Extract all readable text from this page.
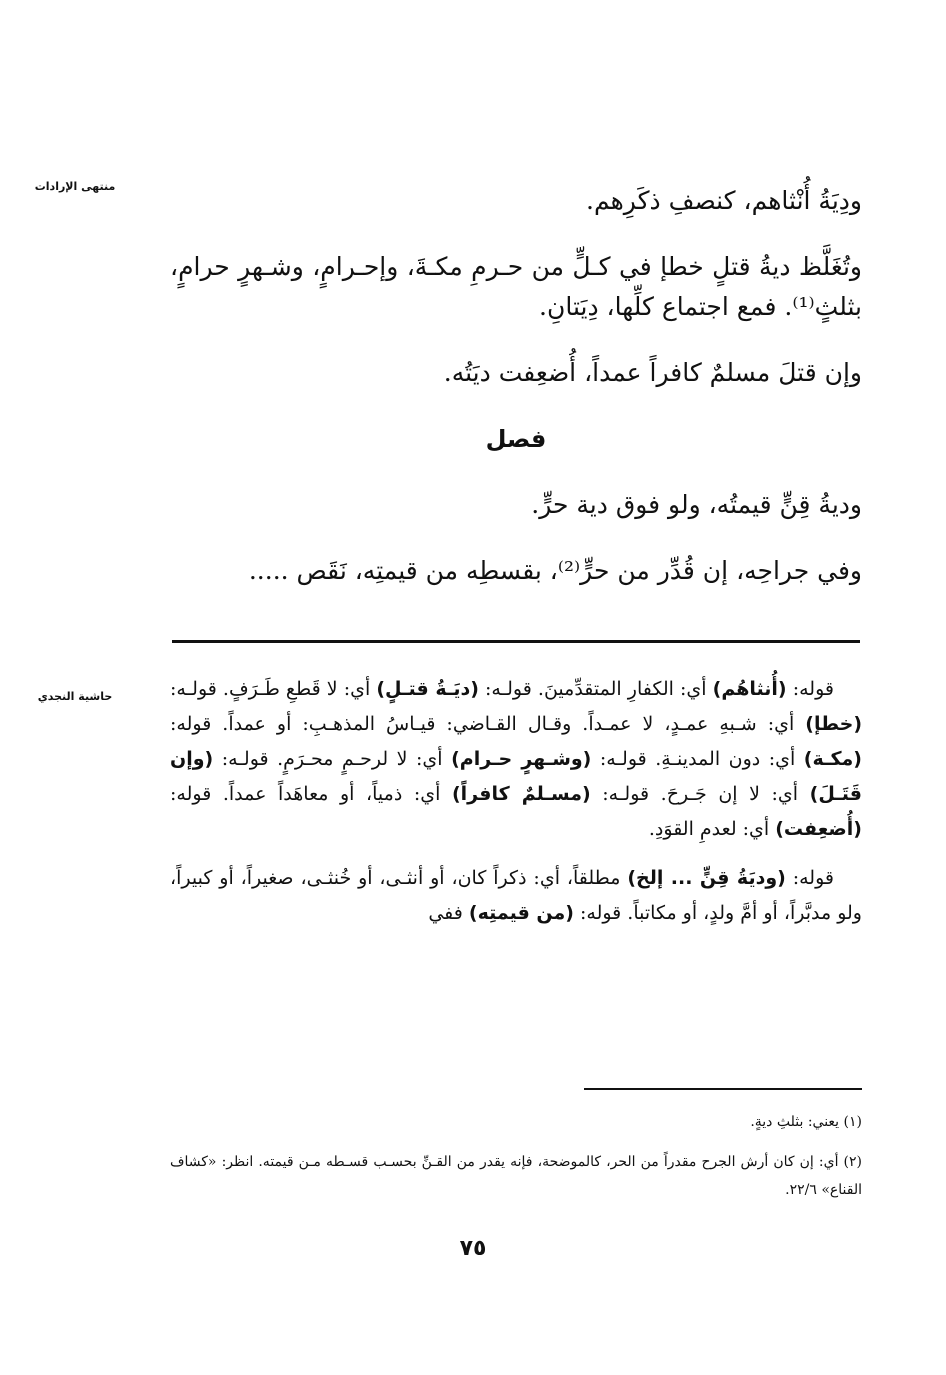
منتهى الإرادات
حاشية النجدي

ودِيَةُ أُنْثاهم، كنصفِ ذكَرِهم.

وتُغَلَّظ ديةُ قتلٍ خطإ في كـلٍّ من حـرمِ مكـةَ، وإحـرامٍ، وشـهرٍ حرامٍ، بثلثٍ⁽¹⁾. فمع اجتماع كلِّها، دِيَتانِ.

وإن قتلَ مسلمٌ كافراً عمداً، أُضعِفت ديَتُه.

فصل

وديةُ قِنٍّ قيمتُه، ولو فوق دية حرٍّ.

وفي جراحِه، إن قُدِّر من حرٍّ⁽²⁾، بقسطِه من قيمتِه، نَقَص .....

قوله: (أُنثاهُم) أي: الكفارِ المتقدِّمينَ. قولـه: (ديَـةُ قتـلٍ) أي: لا قَطعِ طَـرَفٍ. قولـه: (خطإ) أي: شـبهِ عمـدٍ، لا عمـداً. وقـال القـاضي: قيـاسُ المذهـبِ: أو عمداً. قوله: (مكـة) أي: دون المدينـةِ. قولـه: (وشـهرٍ حـرام) أي: لا لرحـمٍ محـرَمٍ. قولـه: (وإن قَتَـلَ) أي: لا إن جَـرحَ. قولـه: (مسـلمٌ كافراً) أي: ذمياً، أو معاهَداً عمداً. قوله: (أُضعِفت) أي: لعدمِ القوَدِ.

قوله: (وديَةُ قِنٍّ ... إلخ) مطلقاً، أي: ذكراً كان، أو أنثـى، أو خُنثـى، صغيراً، أو كبيراً، ولو مدبَّراً، أو أمَّ ولدٍ، أو مكاتباً. قوله: (من قيمتِه) ففي

(١) يعني: بثلثِ ديةٍ.

(٢) أي: إن كان أرش الجرح مقدراً من الحر، كالموضحة، فإنه يقدر من القـنِّ بحسـب قسـطه مـن قيمته. انظر: «كشاف القناع» ٢٢/٦.

٧٥
